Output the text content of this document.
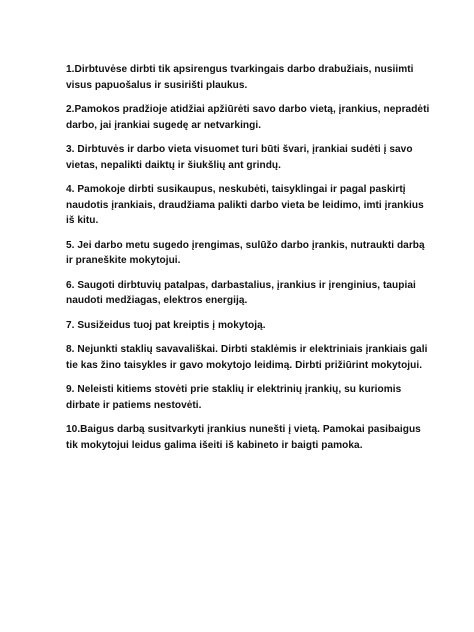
1.Dirbtuvėse dirbti tik apsirengus tvarkingais darbo drabužiais, nusiimti visus papuošalus ir susirišti plaukus.
2.Pamokos pradžioje atidžiai apžiūrėti savo darbo vietą, įrankius, nepradėti darbo, jai įrankiai sugedę ar netvarkingi.
3. Dirbtuvės ir darbo vieta visuomet turi būti švari, įrankiai sudėti į savo vietas, nepalikti daiktų ir šiukšlių ant grindų.
4. Pamokoje dirbti susikaupus, neskubėti, taisyklingai ir pagal paskirtį naudotis įrankiais, draudžiama palikti darbo vieta be leidimo, imti įrankius iš kitu.
5. Jei darbo metu sugedo įrengimas, sulūžo darbo įrankis, nutraukti darbą ir praneškite mokytojui.
6. Saugoti dirbtuvių patalpas, darbastalius, įrankius ir įrenginius, taupiai naudoti medžiagas, elektros energiją.
7. Susižeidus tuoj pat kreiptis į mokytoją.
8. Nejunkti staklių savavališkai. Dirbti staklėmis ir elektriniais įrankiais gali tie kas žino taisykles ir gavo mokytojo leidimą. Dirbti prižiūrint mokytojui.
9. Neleisti kitiems stovėti prie staklių ir elektrinių įrankių, su kuriomis dirbate ir patiems nestovėti.
10.Baigus darbą susitvarkyti įrankius nunešti į vietą. Pamokai pasibaigus tik mokytojui leidus galima išeiti iš kabineto ir baigti pamoka.
